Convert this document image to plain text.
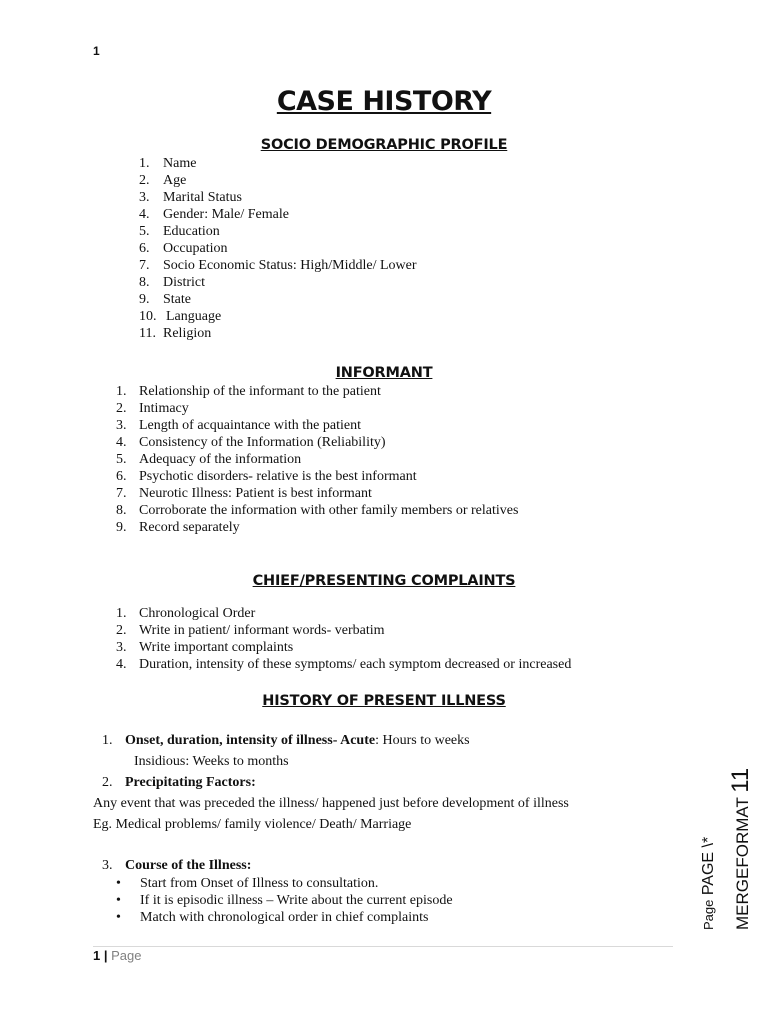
1
CASE HISTORY
SOCIO DEMOGRAPHIC PROFILE
1. Name
2. Age
3. Marital Status
4. Gender: Male/ Female
5. Education
6. Occupation
7. Socio Economic Status: High/Middle/ Lower
8. District
9. State
10. Language
11. Religion
INFORMANT
1. Relationship of the informant to the patient
2. Intimacy
3. Length of acquaintance with the patient
4. Consistency of the Information (Reliability)
5. Adequacy of the information
6. Psychotic disorders- relative is the best informant
7. Neurotic Illness: Patient is best informant
8. Corroborate the information with other family members or relatives
9. Record separately
CHIEF/PRESENTING COMPLAINTS
1. Chronological Order
2. Write in patient/ informant words- verbatim
3. Write important complaints
4. Duration, intensity of these symptoms/ each symptom decreased or increased
HISTORY OF PRESENT ILLNESS
1. Onset, duration, intensity of illness- Acute: Hours to weeks
Insidious: Weeks to months
2. Precipitating Factors:
Any event that was preceded the illness/ happened just before development of illness
Eg. Medical problems/ family violence/ Death/ Marriage
3. Course of the Illness:
• Start from Onset of Illness to consultation.
• If it is episodic illness – Write about the current episode
• Match with chronological order in chief complaints	Page PAGE \* MERGEFORMAT 11
1 | Page
